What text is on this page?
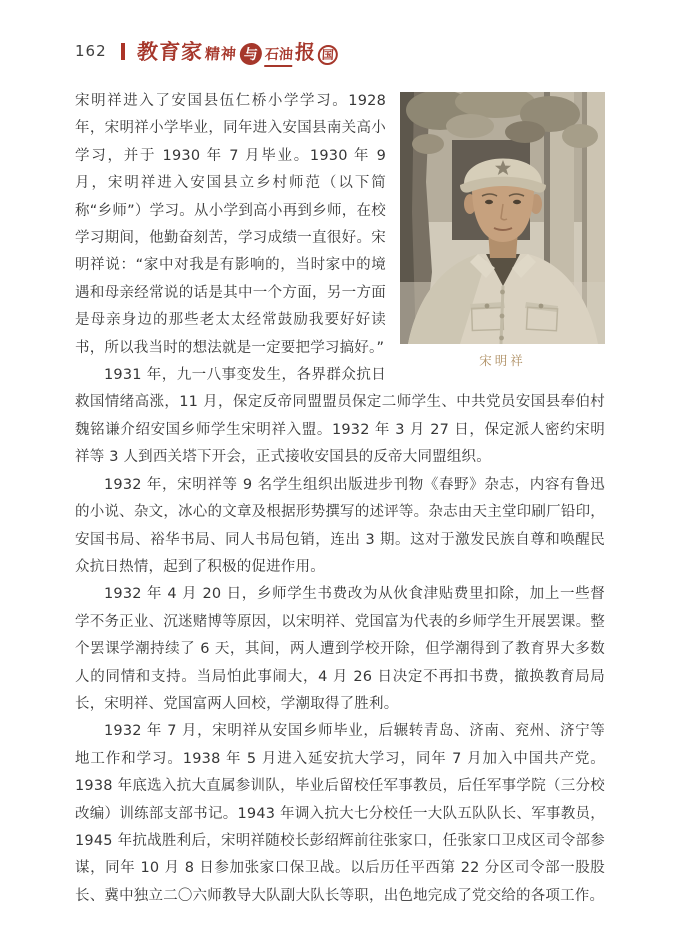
162 教育家 精神 与 石油 报 国
宋明祥

宋明祥进入了安国县伍仁桥小学学习。1928 年，宋明祥小学毕业，同年进入安国县南关高小学习，并于 1930 年 7 月毕业。1930 年 9 月，宋明祥进入安国县立乡村师范（以下简称“乡师”）学习。从小学到高小再到乡师，在校学习期间，他勤奋刻苦，学习成绩一直很好。宋明祥说：“家中对我是有影响的，当时家中的境遇和母亲经常说的话是其中一个方面，另一方面是母亲身边的那些老太太经常鼓励我要好好读书，所以我当时的想法就是一定要把学习搞好。”

1931 年，九一八事变发生，各界群众抗日救国情绪高涨，11 月，保定反帝同盟盟员保定二师学生、中共党员安国县奉伯村魏铭谦介绍安国乡师学生宋明祥入盟。1932 年 3 月 27 日，保定派人密约宋明祥等 3 人到西关塔下开会，正式接收安国县的反帝大同盟组织。

1932 年，宋明祥等 9 名学生组织出版进步刊物《春野》杂志，内容有鲁迅的小说、杂文，冰心的文章及根据形势撰写的述评等。杂志由天主堂印刷厂铅印，安国书局、裕华书局、同人书局包销，连出 3 期。这对于激发民族自尊和唤醒民众抗日热情，起到了积极的促进作用。

1932 年 4 月 20 日，乡师学生书费改为从伙食津贴费里扣除，加上一些督学不务正业、沉迷赌博等原因，以宋明祥、党国富为代表的乡师学生开展罢课。整个罢课学潮持续了 6 天，其间，两人遭到学校开除，但学潮得到了教育界大多数人的同情和支持。当局怕此事闹大，4 月 26 日决定不再扣书费，撤换教育局局长，宋明祥、党国富两人回校，学潮取得了胜利。

1932 年 7 月，宋明祥从安国乡师毕业，后辗转青岛、济南、兖州、济宁等地工作和学习。1938 年 5 月进入延安抗大学习，同年 7 月加入中国共产党。1938 年底选入抗大直属参训队，毕业后留校任军事教员，后任军事学院（三分校改编）训练部支部书记。1943 年调入抗大七分校任一大队五队队长、军事教员，1945 年抗战胜利后，宋明祥随校长彭绍辉前往张家口，任张家口卫戍区司令部参谋，同年 10 月 8 日参加张家口保卫战。以后历任平西第 22 分区司令部一股股长、冀中独立二〇六师教导大队副大队长等职，出色地完成了党交给的各项工作。
